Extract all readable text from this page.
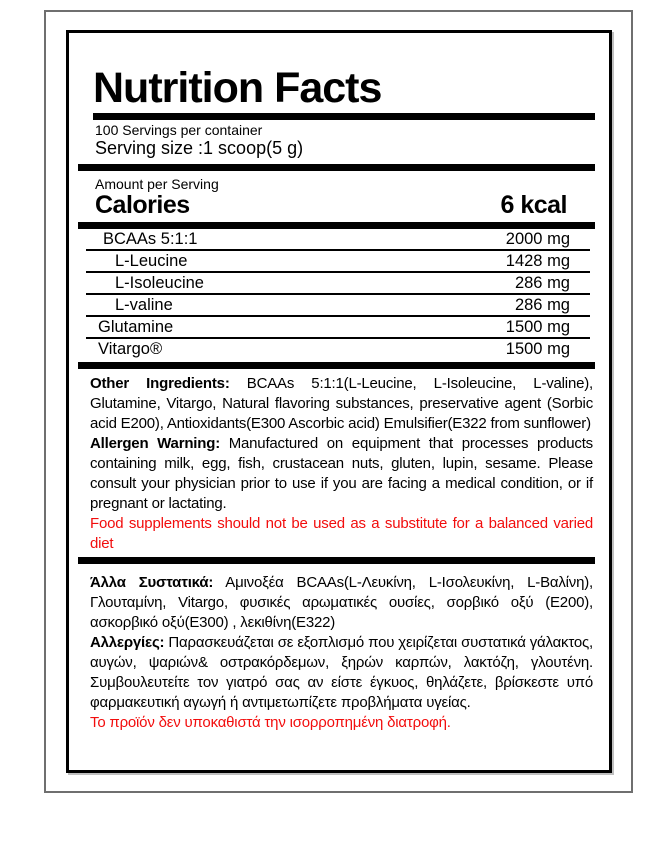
Nutrition Facts
100 Servings per container
Serving size :1 scoop(5 g)
Amount per Serving
Calories	6 kcal
BCAAs 5:1:1	2000 mg
L-Leucine	1428 mg
L-Isoleucine	286 mg
L-valine	286 mg
Glutamine	1500 mg
Vitargo®	1500 mg

Other Ingredients: BCAAs 5:1:1(L-Leucine, L-Isoleucine, L-valine), Glutamine, Vitargo, Natural flavoring substances, preservative agent (Sorbic acid E200), Antioxidants(E300 Ascorbic acid) Emulsifier(E322 from sunflower)

Allergen Warning: Manufactured on equipment that processes products containing milk, egg, fish, crustacean nuts, gluten, lupin, sesame. Please consult your physician prior to use if you are facing a medical condition, or if pregnant or lactating.

Food supplements should not be used as a substitute for a balanced varied diet

Άλλα Συστατικά: Αμινοξέα BCAAs(L-Λευκίνη, L-Ισολευκίνη, L-Βαλίνη), Γλουταμίνη, Vitargo, φυσικές αρωματικές ουσίες, σορβικό οξύ (E200), ασκορβικό οξύ(E300) , λεκιθίνη(E322)

Αλλεργίες: Παρασκευάζεται σε εξοπλισμό που χειρίζεται συστατικά γάλακτος, αυγών, ψαριών& οστρακόρδεμων, ξηρών καρπών, λακτόζη, γλουτένη. Συμβουλευτείτε τον γιατρό σας αν είστε έγκυος, θηλάζετε, βρίσκεστε υπό φαρμακευτική αγωγή ή αντιμετωπίζετε προβλήματα υγείας.

Το προϊόν δεν υποκαθιστά την ισορροπημένη διατροφή.
